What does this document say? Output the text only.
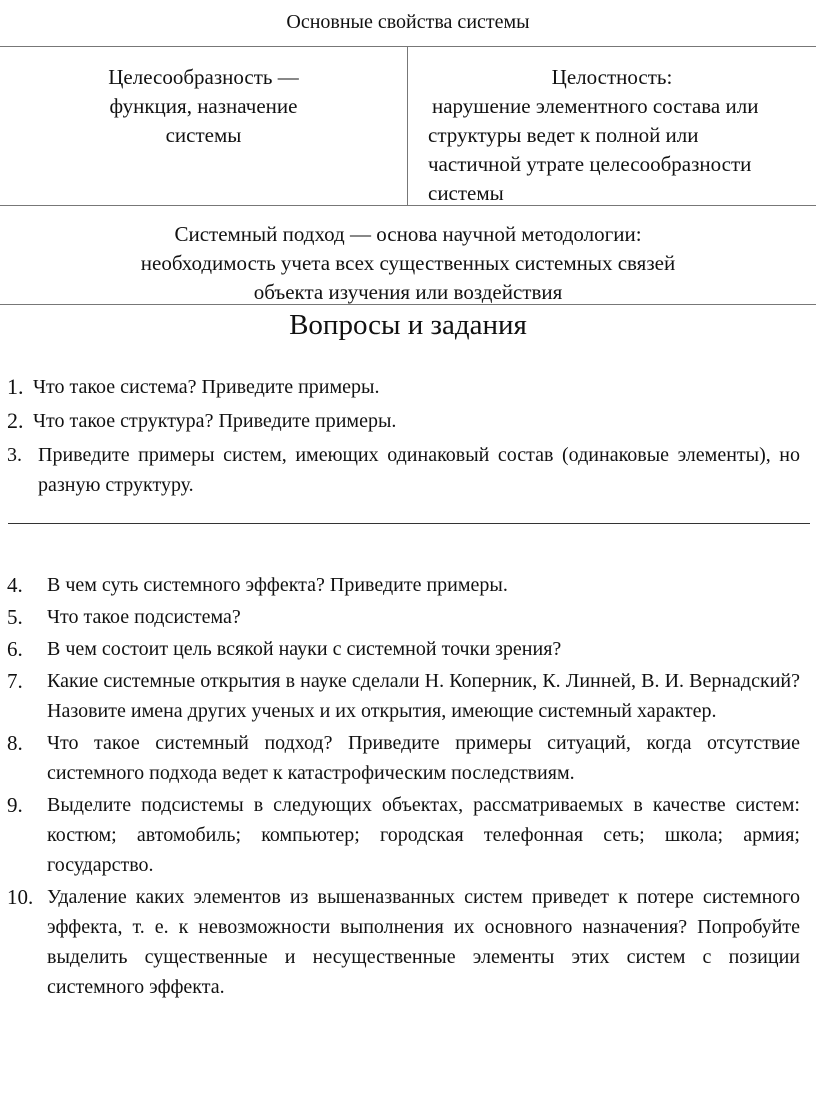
Основные свойства системы
Целесообразность —
функция, назначение
системы
Целостность:
нарушение элементного состава или
структуры ведет к полной или
частичной утрате целесообразности
системы
Системный подход — основа научной методологии:
необходимость учета всех существенных системных связей
объекта изучения или воздействия
Вопросы и задания
1. Что такое система? Приведите примеры.
2. Что такое структура? Приведите примеры.
3. Приведите примеры систем, имеющих одинаковый состав (одинаковые элементы), но разную структуру.
4. В чем суть системного эффекта? Приведите примеры.
5. Что такое подсистема?
6. В чем состоит цель всякой науки с системной точки зрения?
7. Какие системные открытия в науке сделали Н. Коперник, К. Линней, В. И. Вернадский? Назовите имена других ученых и их открытия, имеющие системный характер.
8. Что такое системный подход? Приведите примеры ситуаций, когда отсутствие системного подхода ведет к катастрофическим последствиям.
9. Выделите подсистемы в следующих объектах, рассматриваемых в качестве систем: костюм; автомобиль; компьютер; городская телефонная сеть; школа; армия; государство.
10. Удаление каких элементов из вышеназванных систем приведет к потере системного эффекта, т. е. к невозможности выполнения их основного назначения? Попробуйте выделить существенные и несущественные элементы этих систем с позиции системного эффекта.
